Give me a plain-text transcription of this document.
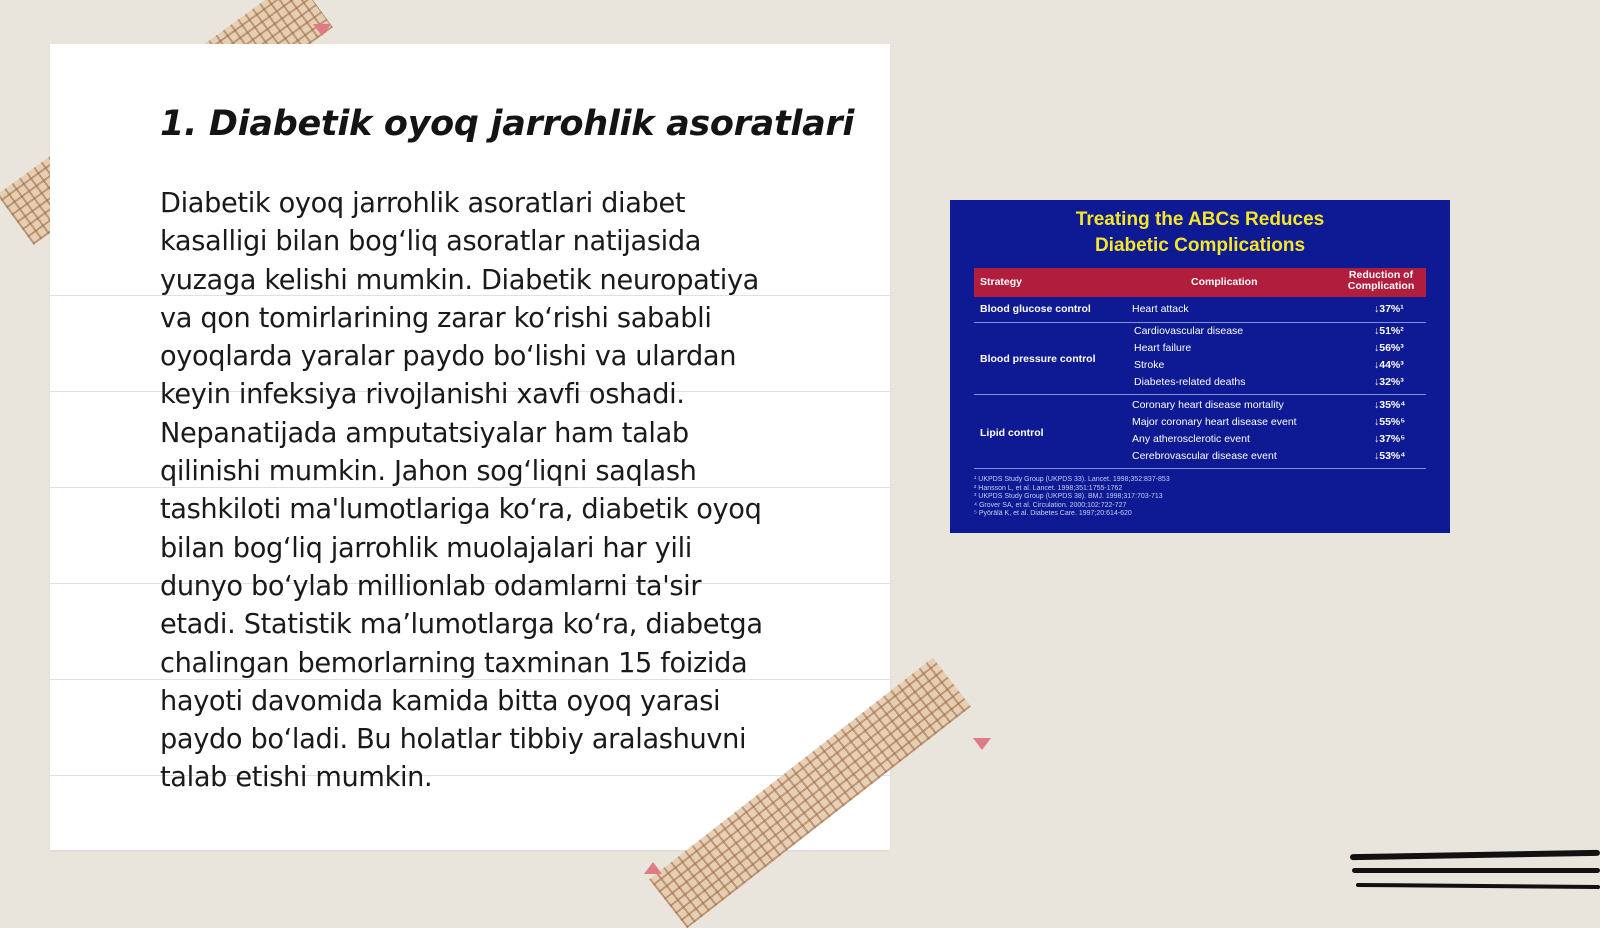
1. Diabetik oyoq jarrohlik asoratlari
Diabetik oyoq jarrohlik asoratlari diabet
kasalligi bilan bog‘liq asoratlar natijasida
yuzaga kelishi mumkin. Diabetik neuropatiya
va qon tomirlarining zarar ko‘rishi sababli
oyoqlarda yaralar paydo bo‘lishi va ulardan
keyin infeksiya rivojlanishi xavfi oshadi.
Nepanatijada amputatsiyalar ham talab
qilinishi mumkin. Jahon sog‘liqni saqlash
tashkiloti ma'lumotlariga ko‘ra, diabetik oyoq
bilan bog‘liq jarrohlik muolajalari har yili
dunyo bo‘ylab millionlab odamlarni ta'sir
etadi. Statistik ma’lumotlarga ko‘ra, diabetga
chalingan bemorlarning taxminan 15 foizida
hayoti davomida kamida bitta oyoq yarasi
paydo bo‘ladi. Bu holatlar tibbiy aralashuvni
talab etishi mumkin.
Treating the ABCs Reduces
Diabetic Complications
Strategy	Complication
Reduction of
Complication
Blood glucose control	Heart attack	↓37%¹
Blood pressure control
Cardiovascular disease	↓51%²
Heart failure	↓56%³
Stroke	↓44%³
Diabetes-related deaths	↓32%³
Lipid control
Coronary heart disease mortality	↓35%⁴
Major coronary heart disease event	↓55%⁵
Any atherosclerotic event	↓37%⁵
Cerebrovascular disease event	↓53%⁴
¹ UKPDS Study Group (UKPDS 33). Lancet. 1998;352:837-853
² Hansson L, et al. Lancet. 1998;351:1755-1762
³ UKPDS Study Group (UKPDS 38). BMJ. 1998;317:703-713
⁴ Grover SA, et al. Circulation. 2000;102:722-727
⁵ Pyörälä K, et al. Diabetes Care. 1997;20:614-620
